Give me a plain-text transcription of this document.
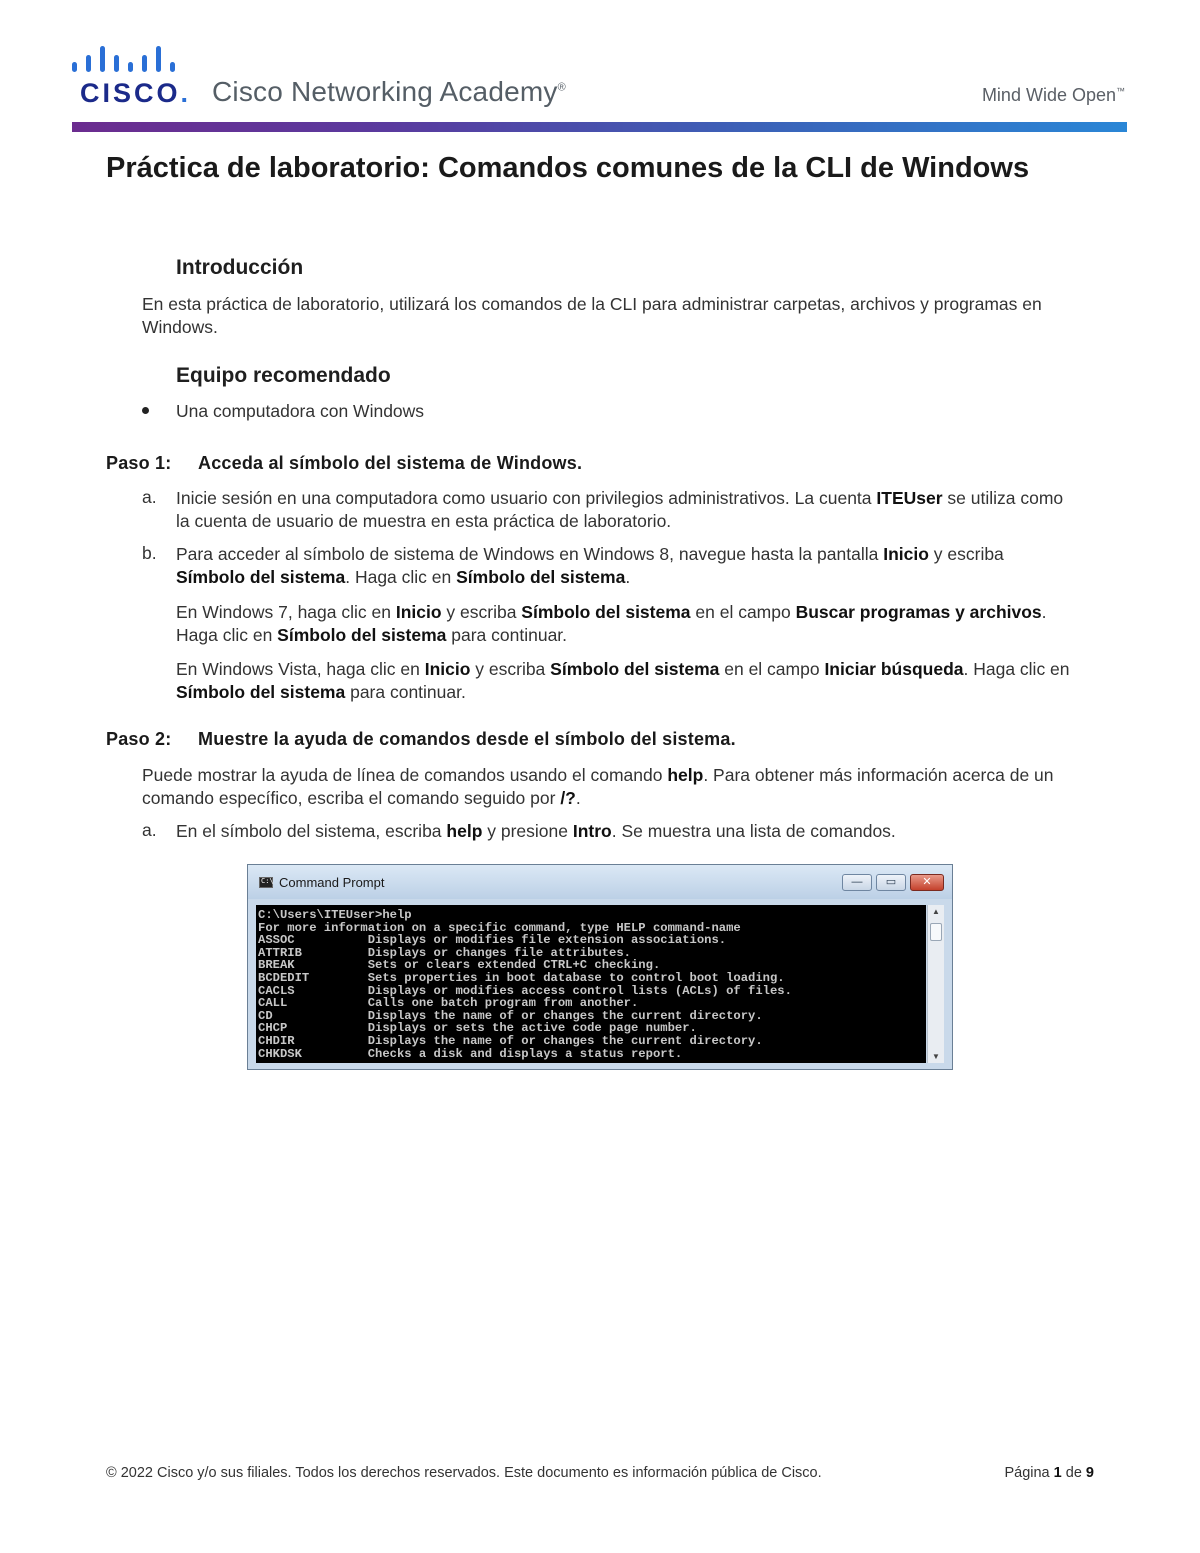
CISCO. Cisco Networking Academy®	Mind Wide Open™
Práctica de laboratorio: Comandos comunes de la CLI de Windows
Introducción
En esta práctica de laboratorio, utilizará los comandos de la CLI para administrar carpetas, archivos y programas en Windows.
Equipo recomendado
Una computadora con Windows
Paso 1: Acceda al símbolo del sistema de Windows.
a. Inicie sesión en una computadora como usuario con privilegios administrativos. La cuenta ITEUser se utiliza como la cuenta de usuario de muestra en esta práctica de laboratorio.
b. Para acceder al símbolo de sistema de Windows en Windows 8, navegue hasta la pantalla Inicio y escriba Símbolo del sistema. Haga clic en Símbolo del sistema.
En Windows 7, haga clic en Inicio y escriba Símbolo del sistema en el campo Buscar programas y archivos. Haga clic en Símbolo del sistema para continuar.
En Windows Vista, haga clic en Inicio y escriba Símbolo del sistema en el campo Iniciar búsqueda. Haga clic en Símbolo del sistema para continuar.
Paso 2: Muestre la ayuda de comandos desde el símbolo del sistema.
Puede mostrar la ayuda de línea de comandos usando el comando help. Para obtener más información acerca de un comando específico, escriba el comando seguido por /?.
a. En el símbolo del sistema, escriba help y presione Intro. Se muestra una lista de comandos.
C:\
Command Prompt	—	▭	✕
C:\Users\ITEUser>help
For more information on a specific command, type HELP command-name
ASSOC          Displays or modifies file extension associations.
ATTRIB         Displays or changes file attributes.
BREAK          Sets or clears extended CTRL+C checking.
BCDEDIT        Sets properties in boot database to control boot loading.
CACLS          Displays or modifies access control lists (ACLs) of files.
CALL           Calls one batch program from another.
CD             Displays the name of or changes the current directory.
CHCP           Displays or sets the active code page number.
CHDIR          Displays the name of or changes the current directory.
CHKDSK         Checks a disk and displays a status report.
▲
▼
© 2022 Cisco y/o sus filiales. Todos los derechos reservados. Este documento es información pública de Cisco.	Página 1 de 9
